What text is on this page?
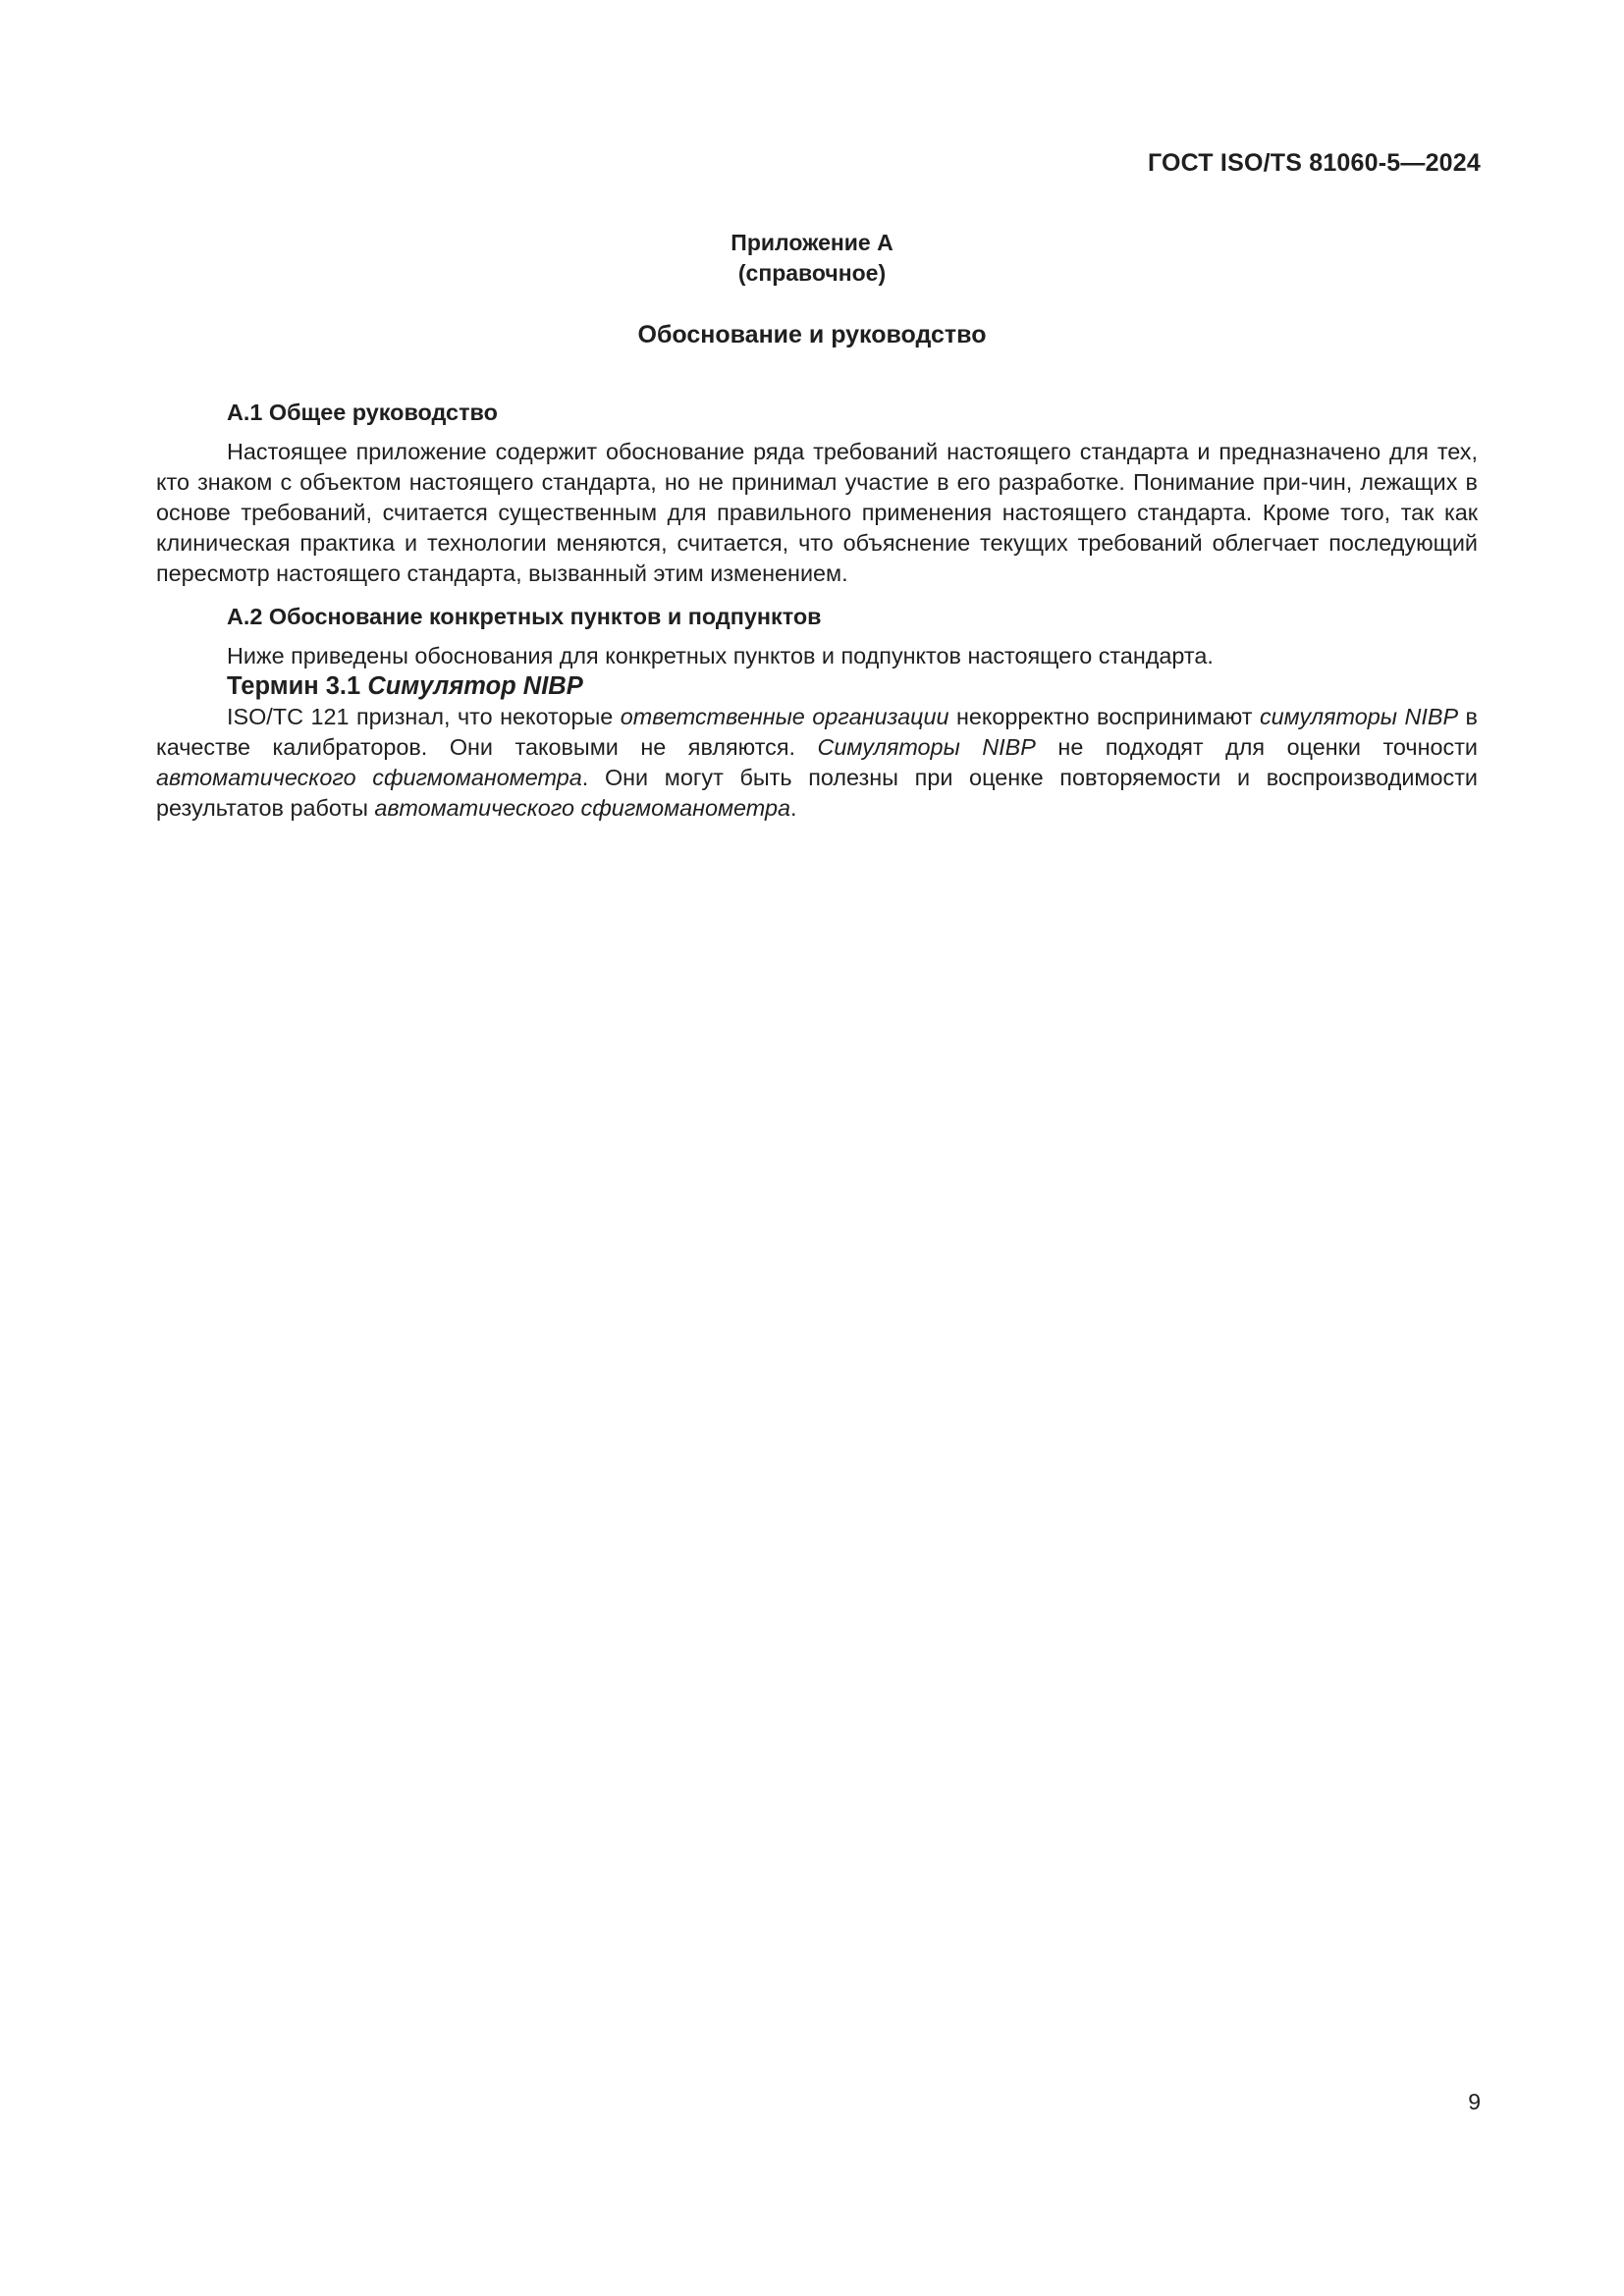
ГОСТ ISO/TS 81060-5—2024
Приложение А
(справочное)
Обоснование и руководство
А.1 Общее руководство

Настоящее приложение содержит обоснование ряда требований настоящего стандарта и предназначено для тех, кто знаком с объектом настоящего стандарта, но не принимал участие в его разработке. Понимание при-чин, лежащих в основе требований, считается существенным для правильного применения настоящего стандарта. Кроме того, так как клиническая практика и технологии меняются, считается, что объяснение текущих требований облегчает последующий пересмотр настоящего стандарта, вызванный этим изменением.

А.2 Обоснование конкретных пунктов и подпунктов

Ниже приведены обоснования для конкретных пунктов и подпунктов настоящего стандарта.

Термин 3.1 Симулятор NIBP

ISO/TC 121 признал, что некоторые ответственные организации некорректно воспринимают симуляторы NIBP в качестве калибраторов. Они таковыми не являются. Симуляторы NIBP не подходят для оценки точности автоматического сфигмоманометра. Они могут быть полезны при оценке повторяемости и воспроизводимости результатов работы автоматического сфигмоманометра.

9
